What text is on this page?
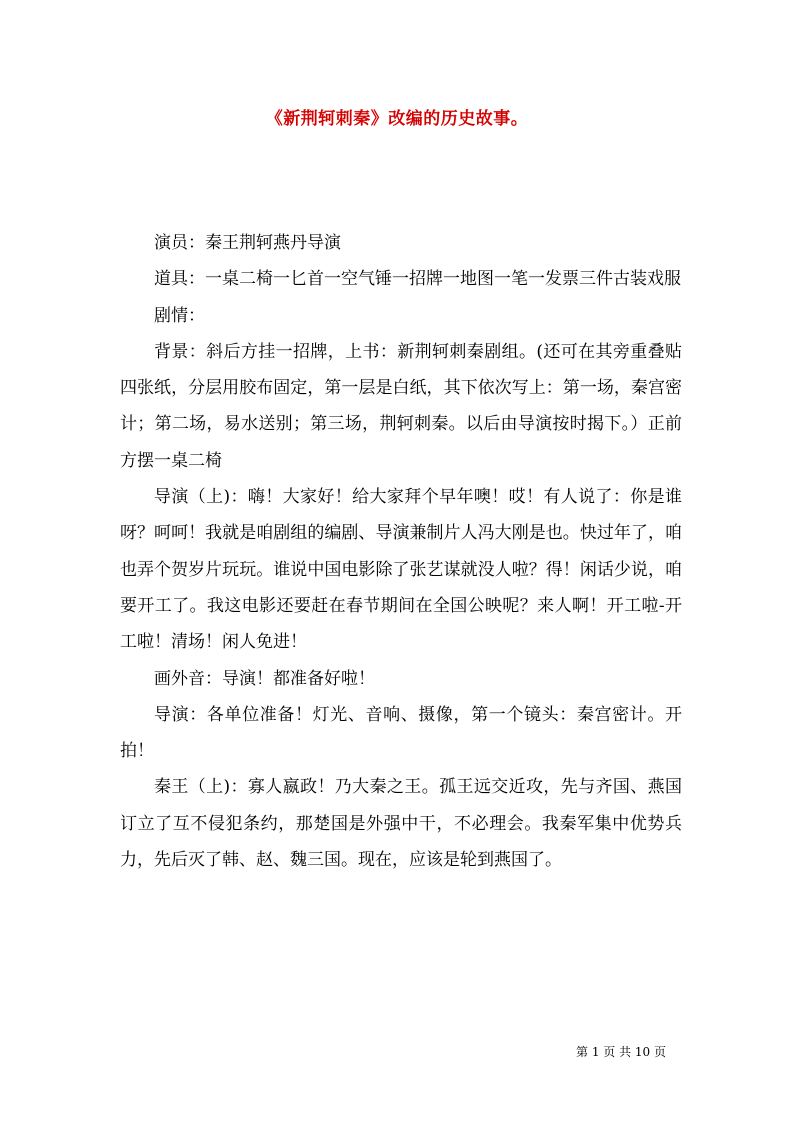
《新荆轲刺秦》改编的历史故事。

演员：秦王荆轲燕丹导演

道具：一桌二椅一匕首一空气锤一招牌一地图一笔一发票三件古装戏服

剧情：

背景：斜后方挂一招牌，上书：新荆轲刺秦剧组。(还可在其旁重叠贴四张纸，分层用胶布固定，第一层是白纸，其下依次写上：第一场，秦宫密计；第二场，易水送别；第三场，荆轲刺秦。以后由导演按时揭下。）正前方摆一桌二椅

导演（上)：嗨！大家好！给大家拜个早年噢！哎！有人说了：你是谁呀？呵呵！我就是咱剧组的编剧、导演兼制片人冯大刚是也。快过年了，咱也弄个贺岁片玩玩。谁说中国电影除了张艺谋就没人啦？得！闲话少说，咱要开工了。我这电影还要赶在春节期间在全国公映呢？来人啊！开工啦-开工啦！清场！闲人免进！

画外音：导演！都准备好啦！

导演：各单位准备！灯光、音响、摄像，第一个镜头：秦宫密计。开拍！

秦王（上)：寡人嬴政！乃大秦之王。孤王远交近攻，先与齐国、燕国订立了互不侵犯条约，那楚国是外强中干，不必理会。我秦军集中优势兵力，先后灭了韩、赵、魏三国。现在，应该是轮到燕国了。

第 1 页 共 10 页
